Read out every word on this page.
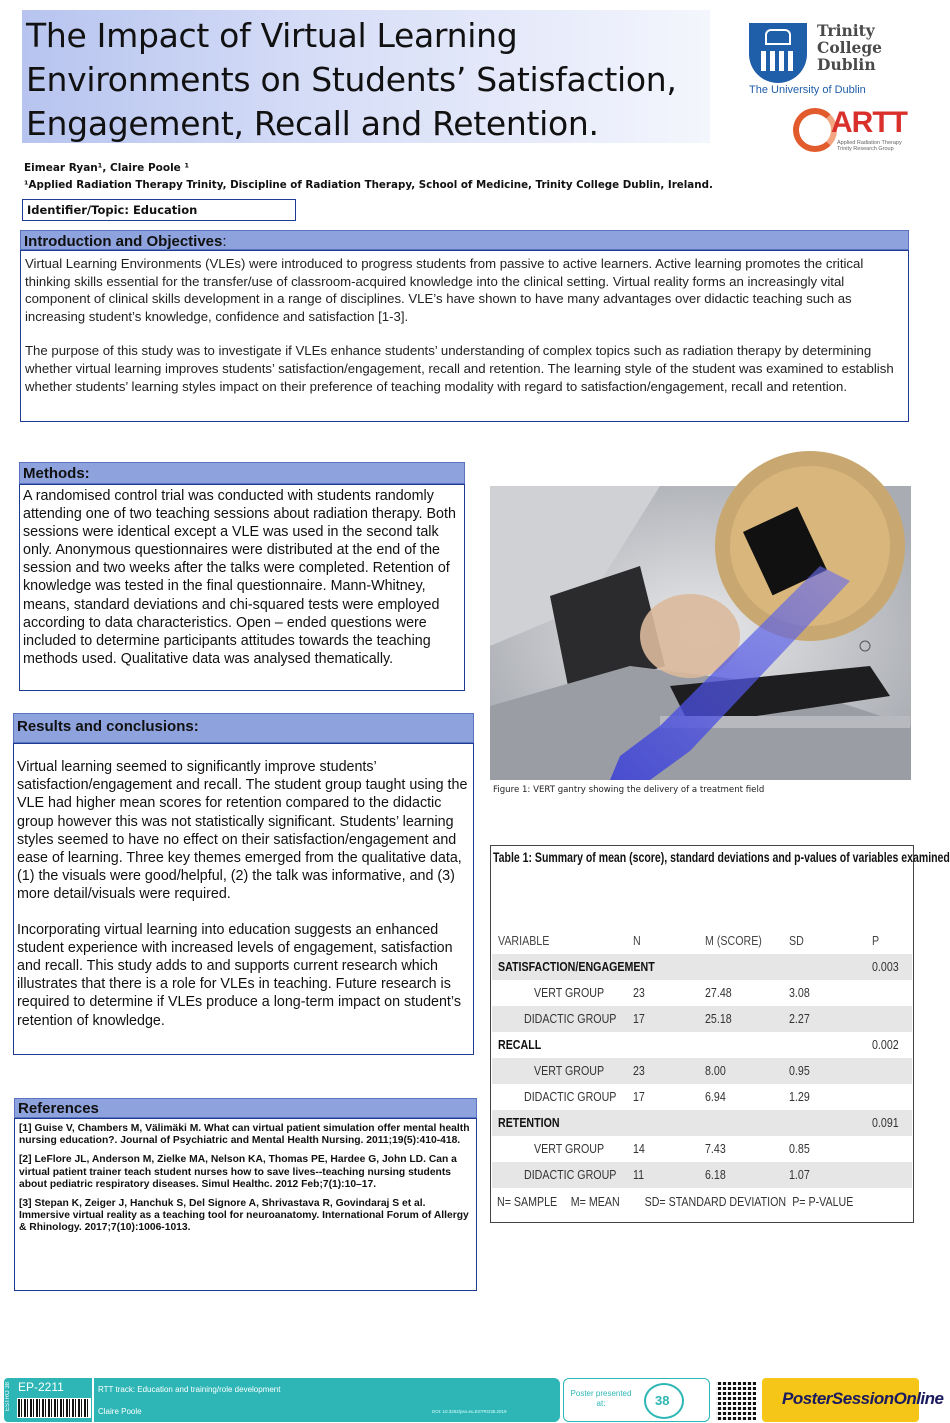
The Impact of Virtual Learning Environments on Students’ Satisfaction, Engagement, Recall and Retention.
Trinity
College
Dublin
The University of Dublin
ARTT
Applied Radiation Therapy Trinity Research Group
Eimear Ryan¹, Claire Poole ¹
¹Applied Radiation Therapy Trinity, Discipline of Radiation Therapy, School of Medicine, Trinity College Dublin, Ireland.
Identifier/Topic: Education
Introduction and Objectives:

Virtual Learning Environments (VLEs) were introduced to progress students from passive to active learners. Active learning promotes the critical thinking skills essential for the transfer/use of classroom-acquired knowledge into the clinical setting. Virtual reality forms an increasingly vital component of clinical skills development in a range of disciplines. VLE’s have shown to have many advantages over didactic teaching such as increasing student’s knowledge, confidence and satisfaction [1-3].

The purpose of this study was to investigate if VLEs enhance students’ understanding of complex topics such as radiation therapy by determining whether virtual learning improves students’ satisfaction/engagement, recall and retention. The learning style of the student was examined to establish whether students’ learning styles impact on their preference of teaching modality with regard to satisfaction/engagement, recall and retention.

Methods:
A randomised control trial was conducted with students randomly attending one of two teaching sessions about radiation therapy. Both sessions were identical except a VLE was used in the second talk only. Anonymous questionnaires were distributed at the end of the session and two weeks after the talks were completed. Retention of knowledge was tested in the final questionnaire. Mann-Whitney, means, standard deviations and chi-squared tests were employed according to data characteristics. Open – ended questions were included to determine participants attitudes towards the teaching methods used. Qualitative data was analysed thematically.
Results and conclusions:

Virtual learning seemed to significantly improve students’ satisfaction/engagement and recall. The student group taught using the VLE had higher mean scores for retention compared to the didactic group however this was not statistically significant. Students’ learning styles seemed to have no effect on their satisfaction/engagement and ease of learning. Three key themes emerged from the qualitative data, (1) the visuals were good/helpful, (2) the talk was informative, and (3) more detail/visuals were required.

Incorporating virtual learning into education suggests an enhanced student experience with increased levels of engagement, satisfaction and recall. This study adds to and supports current research which illustrates that there is a role for VLEs in teaching. Future research is required to determine if VLEs produce a long-term impact on student’s retention of knowledge.

References

[1] Guise V, Chambers M, Välimäki M. What can virtual patient simulation offer mental health nursing education?. Journal of Psychiatric and Mental Health Nursing. 2011;19(5):410-418.

[2] LeFlore JL, Anderson M, Zielke MA, Nelson KA, Thomas PE, Hardee G, John LD. Can a virtual patient trainer teach student nurses how to save lives--teaching nursing students about pediatric respiratory diseases. Simul Healthc. 2012 Feb;7(1):10–17.

[3] Stepan K, Zeiger J, Hanchuk S, Del Signore A, Shrivastava R, Govindaraj S et al. Immersive virtual reality as a teaching tool for neuroanatomy. International Forum of Allergy & Rhinology. 2017;7(10):1006-1013.

Figure 1: VERT gantry showing the delivery of a treatment field
Table 1: Summary of mean (score), standard deviations and p-values of variables examined
VARIABLE	N	M (SCORE) SD	P
SATISFACTION/ENGAGEMENT	0.003
VERT GROUP 23	27.48	3.08
DIDACTIC GROUP 17	25.18	2.27
RECALL	0.002
VERT GROUP 23	8.00	0.95
DIDACTIC GROUP 17	6.94	1.29
RETENTION	0.091
VERT GROUP 14	7.43	0.85
DIDACTIC GROUP 11	6.18	1.07
N= SAMPLE M= MEAN SD= STANDARD DEVIATION P= P-VALUE
ESTRO 38 EP-2211	RTT track: Education and training/role development
Claire Poole	DOI: 10.3252/pso.eu.ESTRO38.2019
Poster presented at:	38	PosterSessionOnline
